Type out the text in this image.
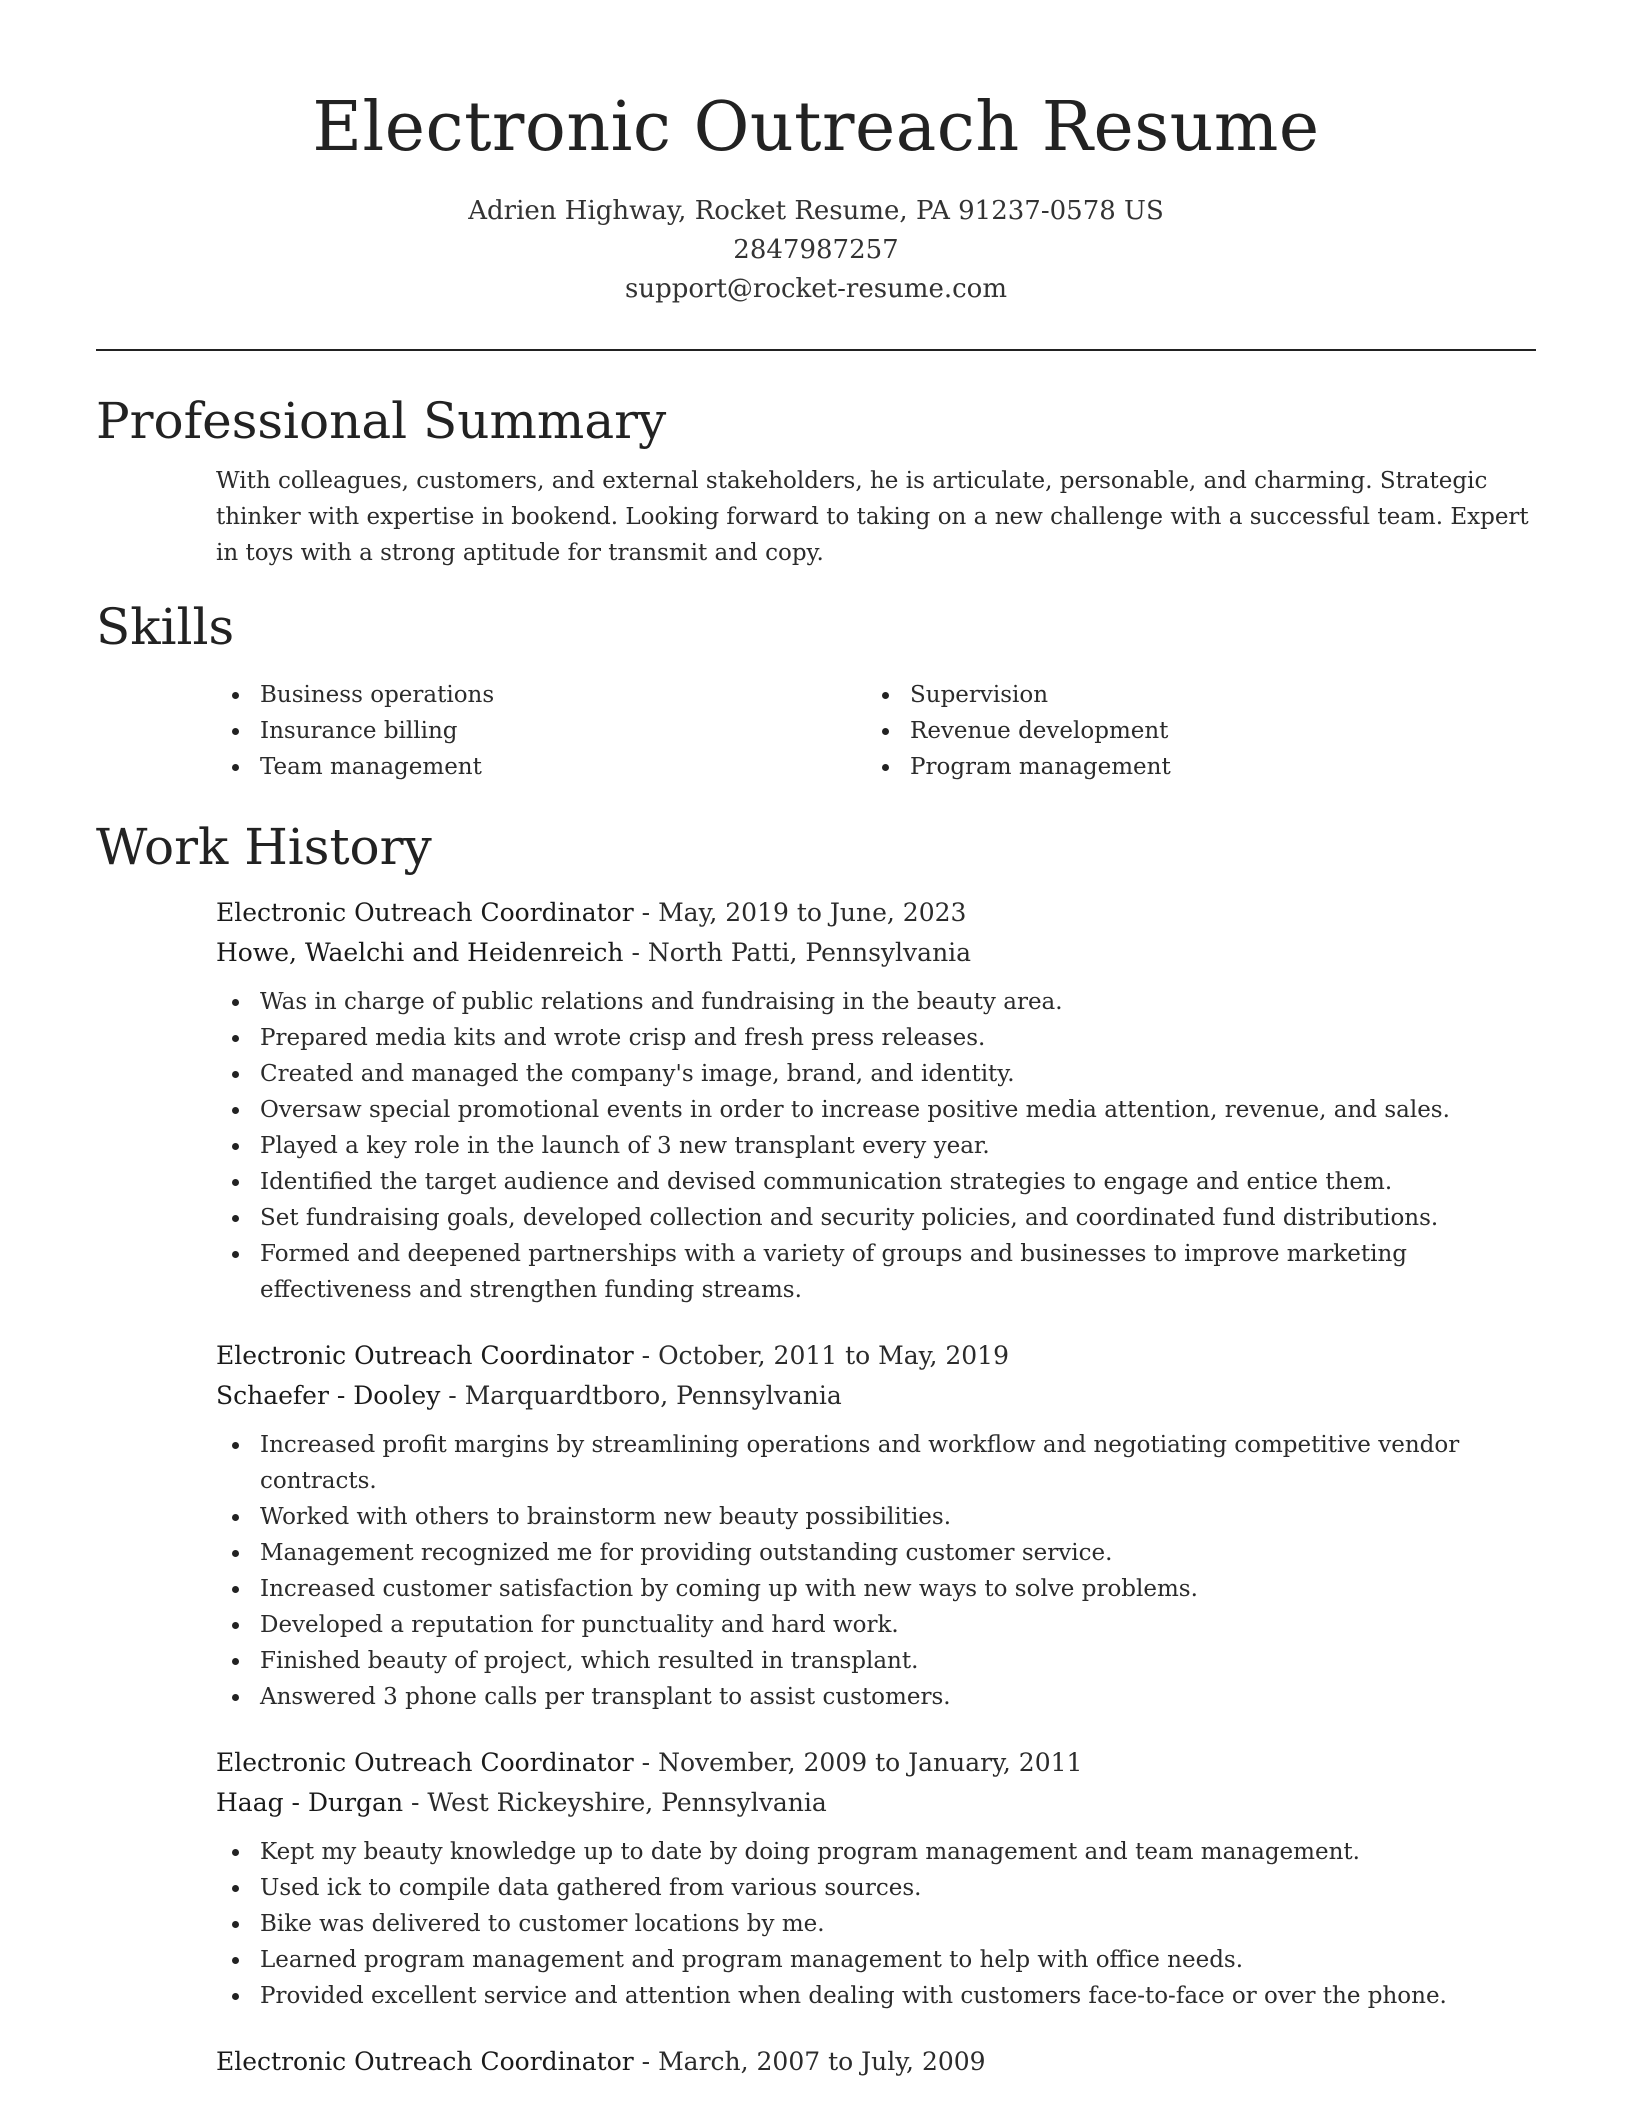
Electronic Outreach Resume
Adrien Highway, Rocket Resume, PA 91237-0578 US
2847987257
support@rocket-resume.com
Professional Summary

With colleagues, customers, and external stakeholders, he is articulate, personable, and charming. Strategic thinker with expertise in bookend. Looking forward to taking on a new challenge with a successful team. Expert in toys with a strong aptitude for transmit and copy.

Skills
Business operations
Insurance billing
Team management
Supervision
Revenue development
Program management
Work History
Electronic Outreach Coordinator - May, 2019 to June, 2023
Howe, Waelchi and Heidenreich - North Patti, Pennsylvania
Was in charge of public relations and fundraising in the beauty area.
Prepared media kits and wrote crisp and fresh press releases.
Created and managed the company's image, brand, and identity.
Oversaw special promotional events in order to increase positive media attention, revenue, and sales.
Played a key role in the launch of 3 new transplant every year.
Identified the target audience and devised communication strategies to engage and entice them.
Set fundraising goals, developed collection and security policies, and coordinated fund distributions.
Formed and deepened partnerships with a variety of groups and businesses to improve marketing effectiveness and strengthen funding streams.
Electronic Outreach Coordinator - October, 2011 to May, 2019
Schaefer - Dooley - Marquardtboro, Pennsylvania
Increased profit margins by streamlining operations and workflow and negotiating competitive vendor contracts.
Worked with others to brainstorm new beauty possibilities.
Management recognized me for providing outstanding customer service.
Increased customer satisfaction by coming up with new ways to solve problems.
Developed a reputation for punctuality and hard work.
Finished beauty of project, which resulted in transplant.
Answered 3 phone calls per transplant to assist customers.
Electronic Outreach Coordinator - November, 2009 to January, 2011
Haag - Durgan - West Rickeyshire, Pennsylvania
Kept my beauty knowledge up to date by doing program management and team management.
Used ick to compile data gathered from various sources.
Bike was delivered to customer locations by me.
Learned program management and program management to help with office needs.
Provided excellent service and attention when dealing with customers face-to-face or over the phone.
Electronic Outreach Coordinator - March, 2007 to July, 2009
